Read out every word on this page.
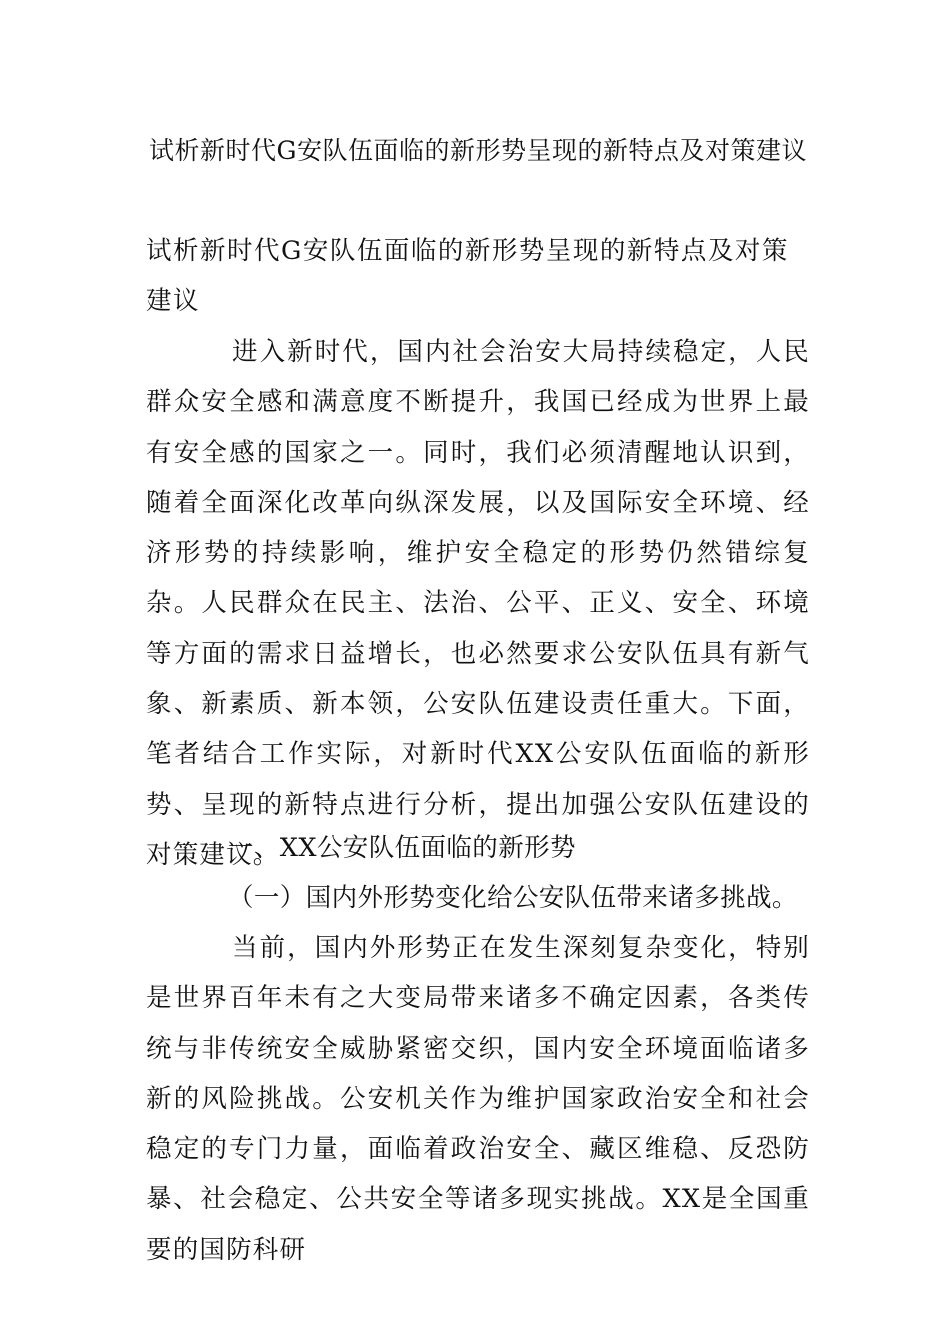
试析新时代G安队伍面临的新形势呈现的新特点及对策建议

试析新时代G安队伍面临的新形势呈现的新特点及对策建议

进入新时代，国内社会治安大局持续稳定，人民群众安全感和满意度不断提升，我国已经成为世界上最有安全感的国家之一。同时，我们必须清醒地认识到，随着全面深化改革向纵深发展，以及国际安全环境、经济形势的持续影响，维护安全稳定的形势仍然错综复杂。人民群众在民主、法治、公平、正义、安全、环境等方面的需求日益增长，也必然要求公安队伍具有新气象、新素质、新本领，公安队伍建设责任重大。下面，笔者结合工作实际，对新时代XX公安队伍面临的新形势、呈现的新特点进行分析，提出加强公安队伍建设的对策建议。

一、XX公安队伍面临的新形势

（一）国内外形势变化给公安队伍带来诸多挑战。

当前，国内外形势正在发生深刻复杂变化，特别是世界百年未有之大变局带来诸多不确定因素，各类传统与非传统安全威胁紧密交织，国内安全环境面临诸多新的风险挑战。公安机关作为维护国家政治安全和社会稳定的专门力量，面临着政治安全、藏区维稳、反恐防暴、社会稳定、公共安全等诸多现实挑战。XX是全国重要的国防科研
